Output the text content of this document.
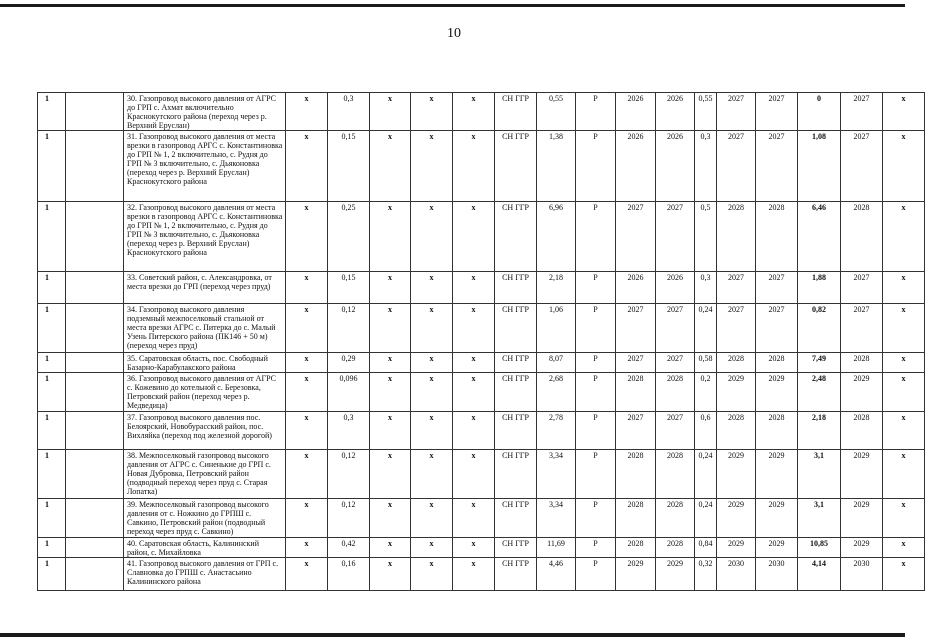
10
1		30. Газопровод высокого давления от АГРС до ГРП с. Ахмат включительно Краснокутского района (переход через р. Верхний Еруслан)	х	0,3	х	х	х	СН ГГР	0,55	Р	2026	2026	0,55	2027	2027	0	2027	х
1		31. Газопровод высокого давления от места врезки в газопровод АРГС с. Константиновка до ГРП № 1, 2 включительно, с. Рудня до ГРП № 3 включительно, с. Дьяконовка (переход через р. Верхний Еруслан) Краснокутского района	х	0,15	х	х	х	СН ГГР	1,38	Р	2026	2026	0,3	2027	2027	1,08	2027	х
1		32. Газопровод высокого давления от места врезки в газопровод АРГС с. Константиновка до ГРП № 1, 2 включительно, с. Рудня до ГРП № 3 включительно, с. Дьяконовка (переход через р. Верхний Еруслан) Краснокутского района	х	0,25	х	х	х	СН ГГР	6,96	Р	2027	2027	0,5	2028	2028	6,46	2028	х
1		33. Советский район, с. Александровка, от места врезки до ГРП (переход через пруд)	х	0,15	х	х	х	СН ГГР	2,18	Р	2026	2026	0,3	2027	2027	1,88	2027	х
1		34. Газопровод высокого давления подземный межпоселковый стальной от места врезки АГРС с. Питерка до с. Малый Узень Питерского района (ПК146 + 50 м) (переход через пруд)	х	0,12	х	х	х	СН ГГР	1,06	Р	2027	2027	0,24	2027	2027	0,82	2027	х
1		35. Саратовская область, пос. Свободный Базарно-Карабулакского района	х	0,29	х	х	х	СН ГГР	8,07	Р	2027	2027	0,58	2028	2028	7,49	2028	х
1		36. Газопровод высокого давления от АГРС с. Кожевино до котельной с. Березовка, Петровский район (переход через р. Медведица)	х	0,096	х	х	х	СН ГГР	2,68	Р	2028	2028	0,2	2029	2029	2,48	2029	х
1		37. Газопровод высокого давления пос. Белоярский, Новобурасский район, пос. Вихляйка (переход под железной дорогой)	х	0,3	х	х	х	СН ГГР	2,78	Р	2027	2027	0,6	2028	2028	2,18	2028	х
1		38. Межпоселковый газопровод высокого давления от АГРС с. Синенькие до ГРП с. Новая Дубровка, Петровский район (подводный переход через пруд с. Старая Лопатка)	х	0,12	х	х	х	СН ГГР	3,34	Р	2028	2028	0,24	2029	2029	3,1	2029	х
1		39. Межпоселковый газопровод высокого давления от с. Ножкино до ГРПШ с. Савкино, Петровский район (подводный переход через пруд с. Савкино)	х	0,12	х	х	х	СН ГГР	3,34	Р	2028	2028	0,24	2029	2029	3,1	2029	х
1		40. Саратовская область, Калининский район, с. Михайловка	х	0,42	х	х	х	СН ГГР	11,69	Р	2028	2028	0,84	2029	2029	10,85	2029	х
1		41. Газопровод высокого давления от ГРП с. Славновка до ГРПШ с. Анастасьино Калининского района	х	0,16	х	х	х	СН ГГР	4,46	Р	2029	2029	0,32	2030	2030	4,14	2030	х
